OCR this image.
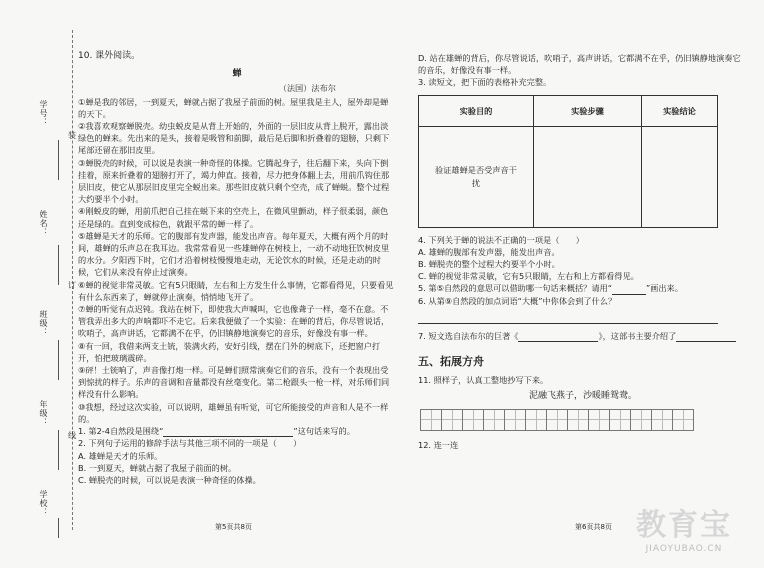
学号：
姓名：
班级：
年级：
学校：
装
订
线
10. 课外阅读。
蝉
（法国）法布尔

①蝉是我的邻居，一到夏天，蝉就占据了我屋子前面的树。屋里我是主人，屋外却是蝉的天下。

②我喜欢观察蝉脱壳。幼虫蜕皮是从背上开始的，外面的一层旧皮从背上脱开，露出淡绿色的蝉来。先出来的是头，接着是吸管和前脚，最后是后脚和折叠着的翅膀，只剩下尾部还留在那旧皮里。

③蝉脱壳的时候，可以说是表演一种奇怪的体操。它腾起身子，往后翻下来，头向下倒挂着，原来折叠着的翅膀打开了，竭力伸直。接着，尽力把身体翻上去，用前爪钩住那层旧皮，使它从那层旧皮里完全蜕出来。那些旧皮就只剩个空壳，成了蝉蜕。整个过程大约要半个小时。

④刚蜕皮的蝉，用前爪把自己挂在蜕下来的空壳上，在微风里颤动，样子很柔弱，颜色还是绿的。直到变成棕色，就跟平常的蝉一样了。

⑤雄蝉是天才的乐师。它的腹部有发声器，能发出声音。每年夏天，大概有两个月的时间，雄蝉的乐声总在我耳边。我常常看见一些雄蝉停在树枝上，一动不动地狂饮树皮里的水分。夕阳西下时，它们才沿着树枝慢慢地走动，无论饮水的时候，还是走动的时候，它们从来没有停止过演奏。

⑥蝉的视觉非常灵敏。它有5只眼睛，左右和上方发生什么事情，它都看得见，只要看见有什么东西来了，蝉就停止演奏，悄悄地飞开了。

⑦蝉的听觉有点迟钝。我站在树下，即使我大声喊叫，它也像聋子一样，毫不在意。不管我弄出多大的声响都吓不走它。后来我便做了一个实验：在蝉的背后，你尽管说话，吹哨子，高声讲话，它都满不在乎，仍旧镇静地演奏它的音乐，好像没有事一样。

⑧有一回，我借来两支土铳，装满火药，安好引线，摆在门外的树底下，还把窗户打开，怕把玻璃震碎。

⑨砰！土铳响了，声音像打炮一样。可是蝉们照常演奏它们的音乐，没有一个表现出受到惊扰的样子。乐声的音调和音量都没有丝毫变化。第二枪跟头一枪一样，对乐师们同样没有什么影响。

⑩我想，经过这次实验，可以说明，雄蝉虽有听觉，可它所能接受的声音和人是不一样的。

1. 第2-4自然段是围绕“	”这句话来写的。
2. 下列句子运用的修辞手法与其他三项不同的一项是（　　）
A. 雄蝉是天才的乐师。
B. 一到夏天，蝉就占据了我屋子前面的树。
C. 蝉脱壳的时候，可以说是表演一种奇怪的体操。
第5页共8页
D. 站在雄蝉的背后，你尽管说话，吹哨子，高声讲话，它都满不在乎，仍旧镇静地演奏它的音乐，好像没有事一样。
3. 读短文，把下面的表格补充完整。
实验目的	实验步骤	实验结论
验证雄蝉是否受声音干扰		
4. 下列关于蝉的说法不正确的一项是（　　）
A. 雄蝉的腹部有发声器，能发出声音。
B. 蝉脱壳的整个过程大约要半个小时。
C. 蝉的视觉非常灵敏，它有5只眼睛，左右和上方都看得见。
5. 第⑤自然段的意思可以借助哪一句话来概括？请用“	”画出来。
6. 从第⑨自然段的加点词语“大概”中你体会到了什么？
7. 短文选自法布尔的巨著《	》，这部书主要介绍了
五、拓展方舟
11. 照样子，认真工整地抄写下来。
泥融飞燕子，沙暖睡鸳鸯。
12. 连一连
第6页共8页 教育宝
JIAOYUBAO.CN
